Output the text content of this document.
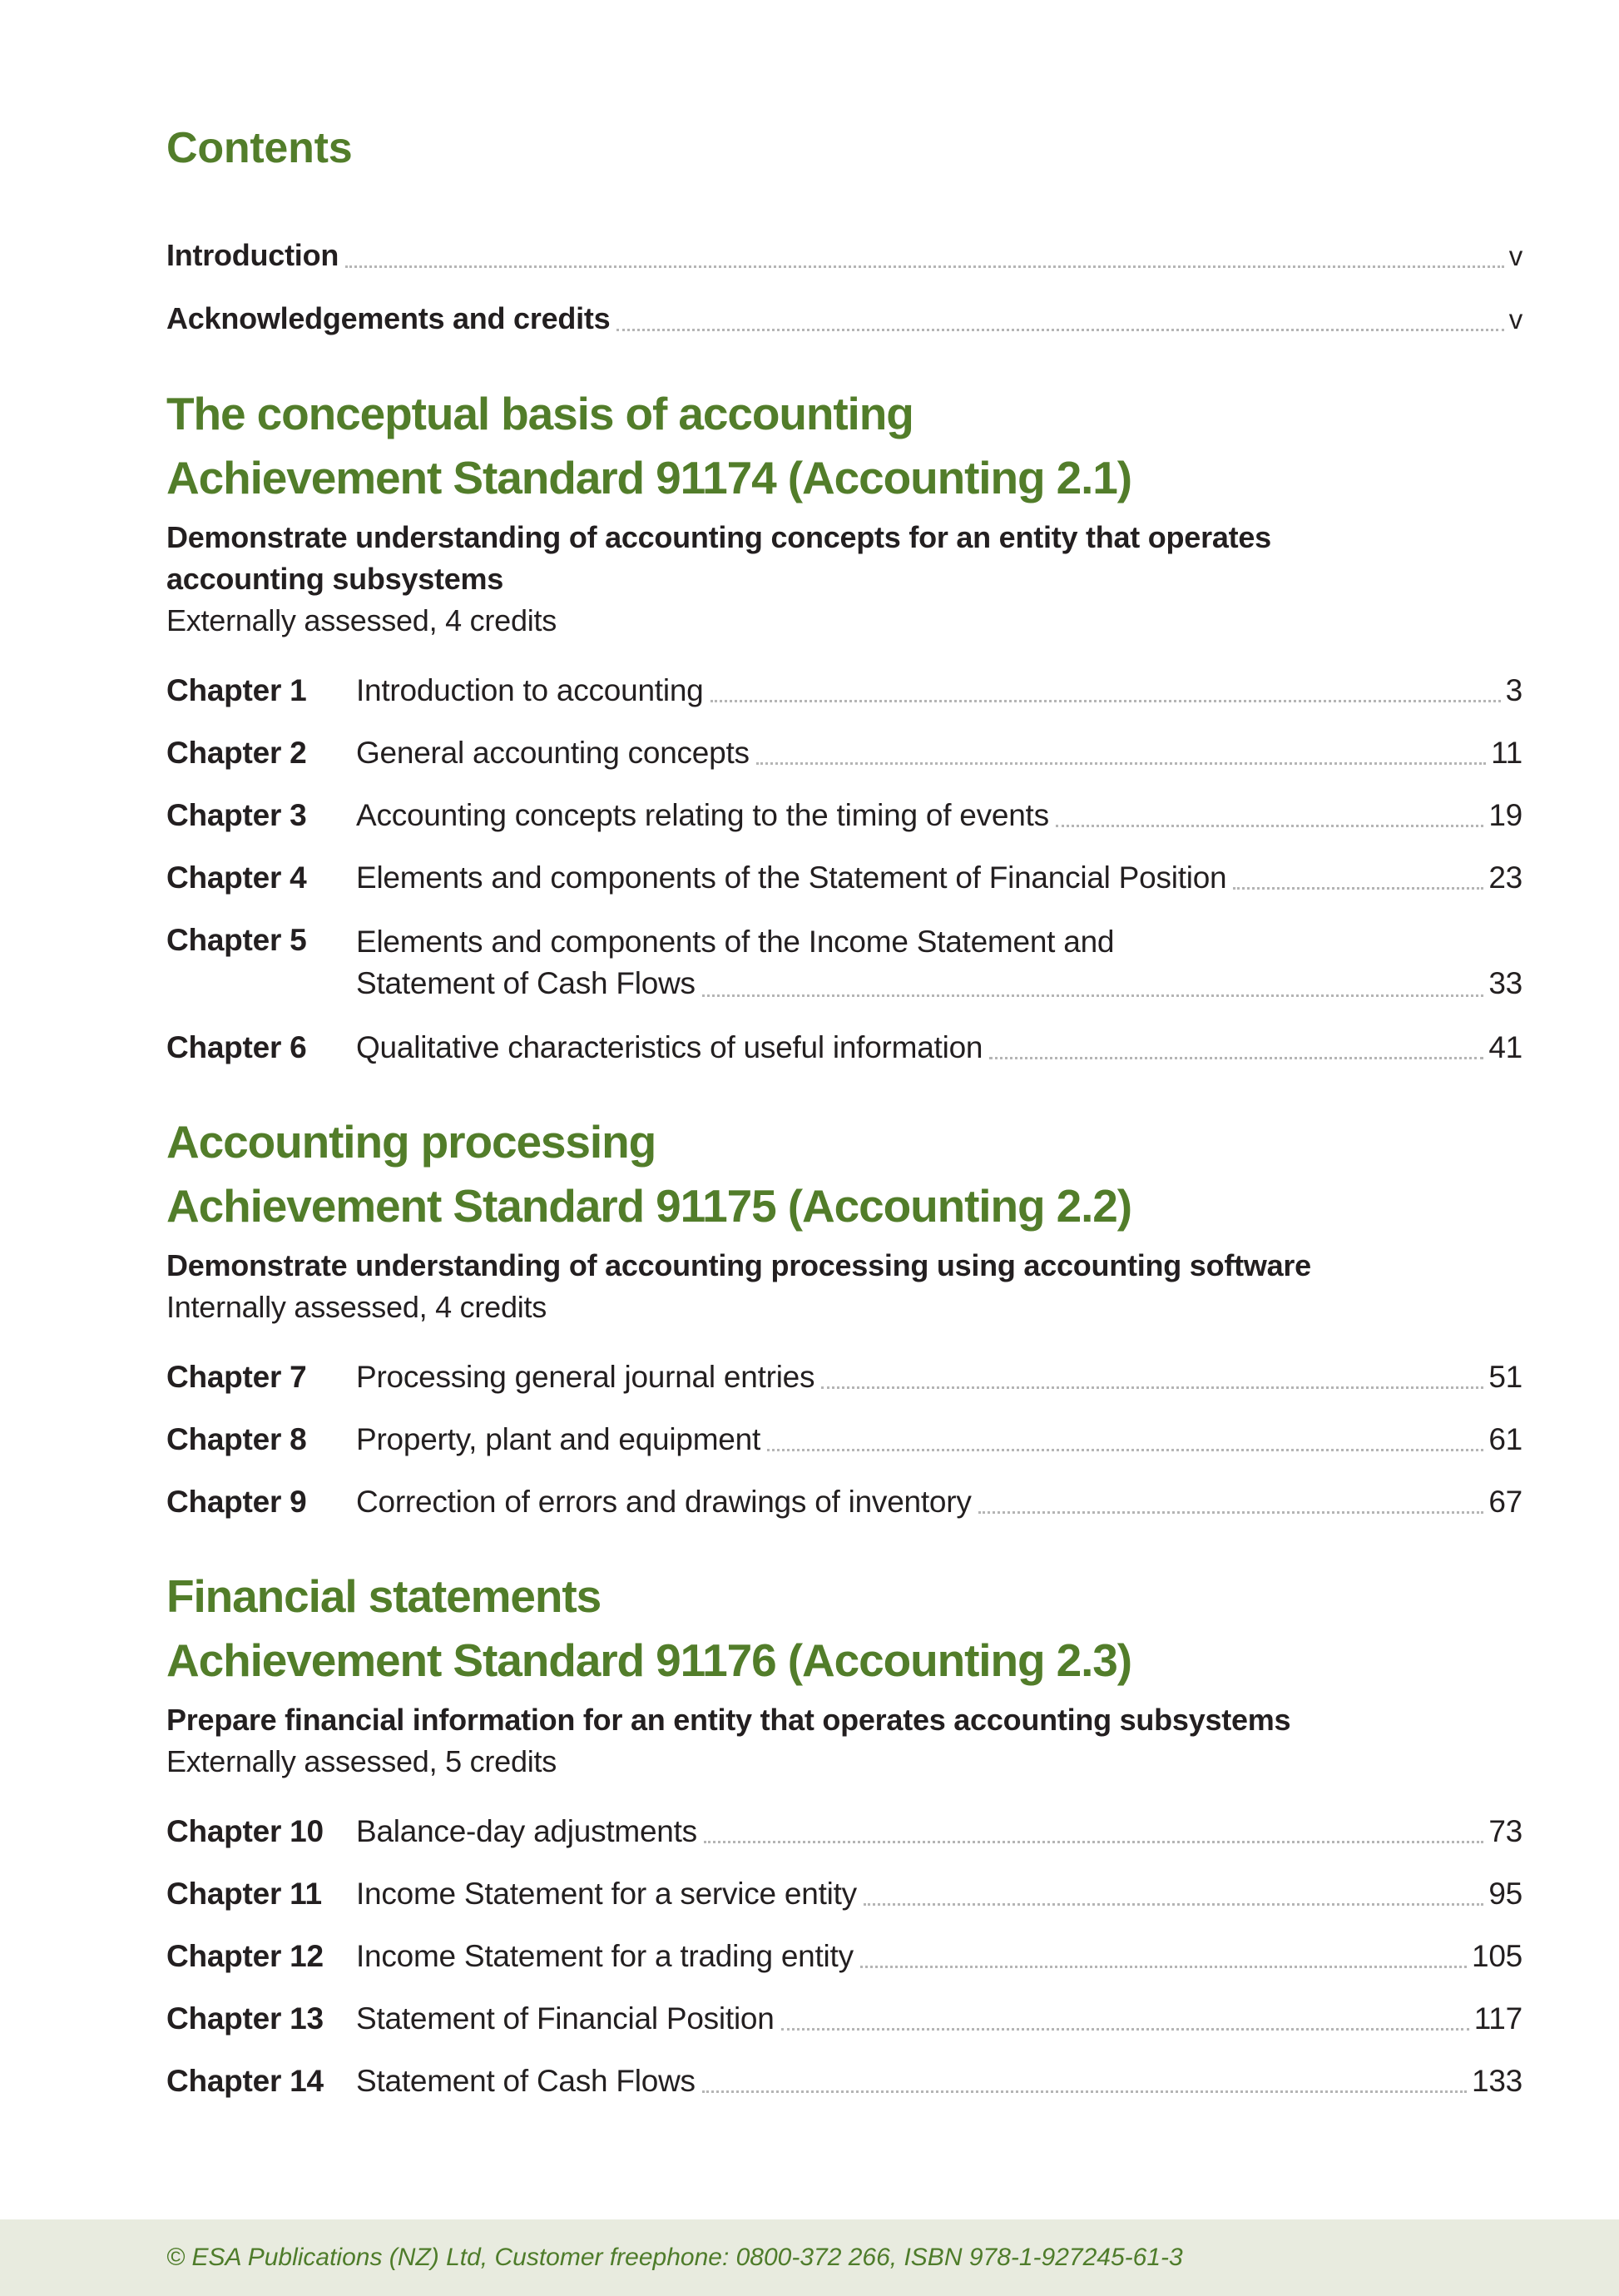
Contents
Introduction	v
Acknowledgements and credits	v
The conceptual basis of accounting
Achievement Standard 91174 (Accounting 2.1)
Demonstrate understanding of accounting concepts for an entity that operates
accounting subsystems
Externally assessed, 4 credits
Chapter 1	Introduction to accounting	3
Chapter 2	General accounting concepts	11
Chapter 3	Accounting concepts relating to the timing of events	19
Chapter 4	Elements and components of the Statement of Financial Position	23
Chapter 5	Elements and components of the Income Statement and
Statement of Cash Flows	33
Chapter 6	Qualitative characteristics of useful information	41
Accounting processing
Achievement Standard 91175 (Accounting 2.2)
Demonstrate understanding of accounting processing using accounting software
Internally assessed, 4 credits
Chapter 7	Processing general journal entries	51
Chapter 8	Property, plant and equipment	61
Chapter 9	Correction of errors and drawings of inventory	67
Financial statements
Achievement Standard 91176 (Accounting 2.3)
Prepare financial information for an entity that operates accounting subsystems
Externally assessed, 5 credits
Chapter 10	Balance-day adjustments	73
Chapter 11	Income Statement for a service entity	95
Chapter 12	Income Statement for a trading entity	105
Chapter 13	Statement of Financial Position	117
Chapter 14	Statement of Cash Flows	133
© ESA Publications (NZ) Ltd, Customer freephone: 0800-372 266, ISBN 978-1-927245-61-3
